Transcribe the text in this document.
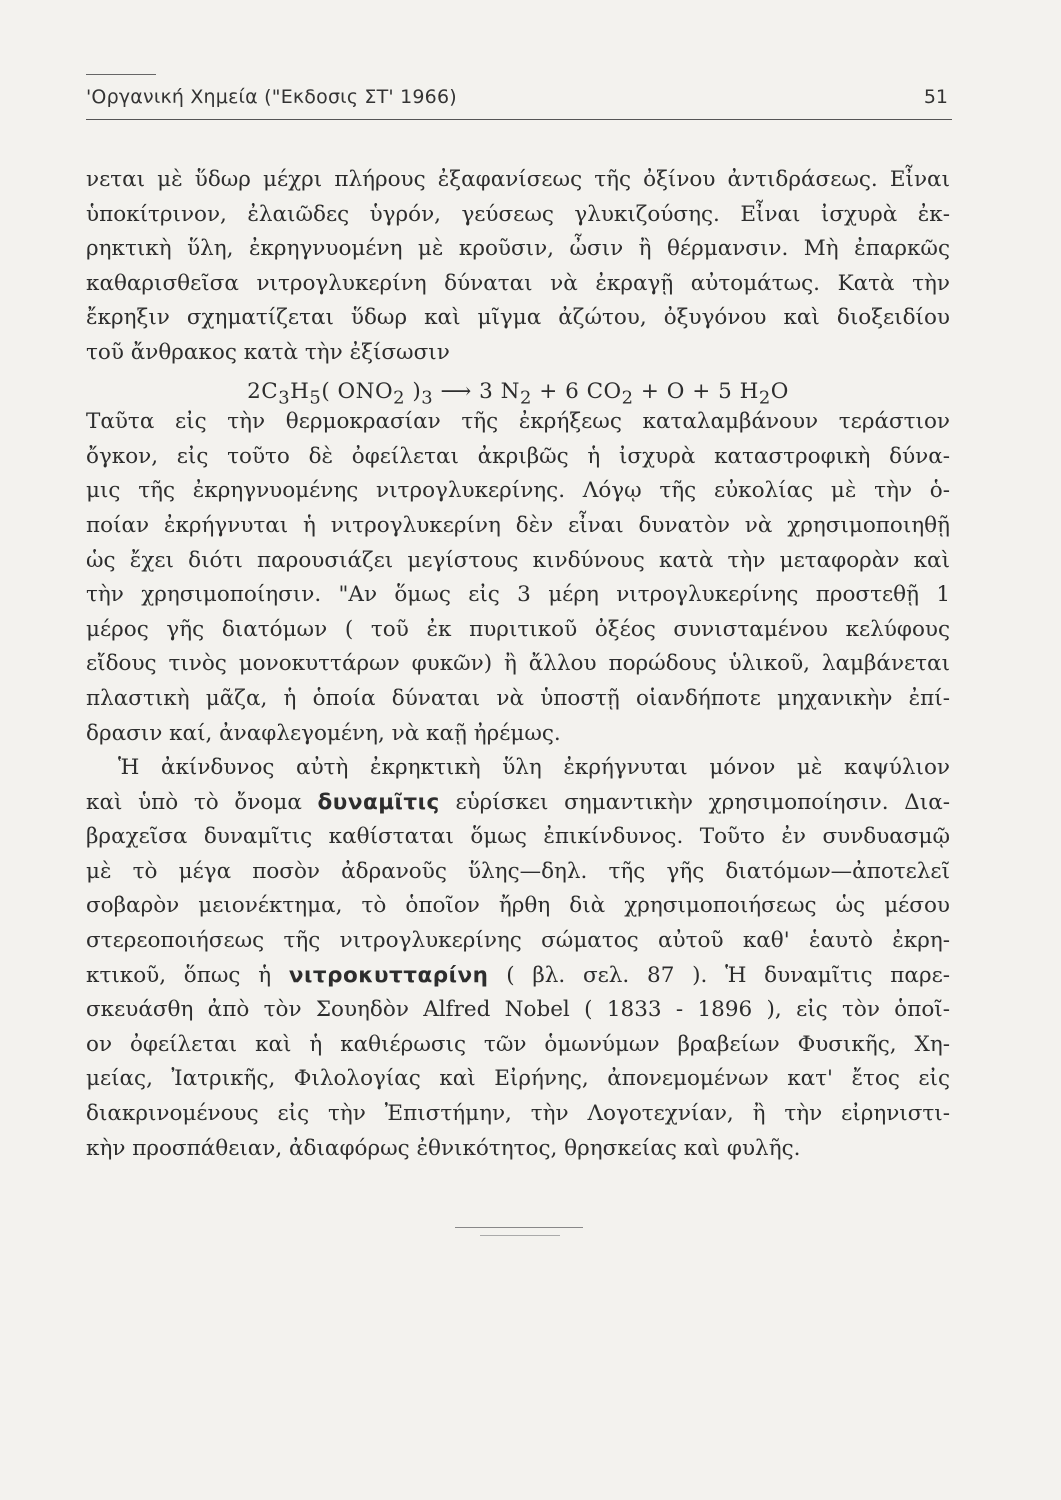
'Οργανική Χημεία ("Εκδοσις ΣΤ' 1966)	51
νεται μὲ ὕδωρ μέχρι πλήρους ἐξαφανίσεως τῆς ὀξίνου ἀντιδράσεως. Εἶναι
ὑποκίτρινον, ἐλαιῶδες ὑγρόν, γεύσεως γλυκιζούσης. Εἶναι ἰσχυρὰ ἐκ-
ρηκτικὴ ὕλη, ἐκρηγνυομένη μὲ κροῦσιν, ὦσιν ἢ θέρμανσιν. Μὴ ἐπαρκῶς
καθαρισθεῖσα νιτρογλυκερίνη δύναται νὰ ἐκραγῇ αὐτομάτως. Κατὰ τὴν
ἔκρηξιν σχηματίζεται ὕδωρ καὶ μῖγμα ἀζώτου, ὀξυγόνου καὶ διοξειδίου
τοῦ ἄνθρακος κατὰ τὴν ἐξίσωσιν
$2C_3H_5$( $ONO_2$ )$_3$ ⟶ 3 $N_2 + 6$ $CO_2 + O + 5$ $H_2O$
Ταῦτα εἰς τὴν θερμοκρασίαν τῆς ἐκρήξεως καταλαμβάνουν τεράστιον
ὄγκον, εἰς τοῦτο δὲ ὀφείλεται ἀκριβῶς ἡ ἰσχυρὰ καταστροφικὴ δύνα-
μις τῆς ἐκρηγνυομένης νιτρογλυκερίνης. Λόγῳ τῆς εὐκολίας μὲ τὴν ὁ-
ποίαν ἐκρήγνυται ἡ νιτρογλυκερίνη δὲν εἶναι δυνατὸν νὰ χρησιμοποιηθῇ
ὡς ἔχει διότι παρουσιάζει μεγίστους κινδύνους κατὰ τὴν μεταφορὰν καὶ
τὴν χρησιμοποίησιν. "Αν ὅμως εἰς 3 μέρη νιτρογλυκερίνης προστεθῇ 1
μέρος γῆς διατόμων ( τοῦ ἐκ πυριτικοῦ ὀξέος συνισταμένου κελύφους
εἴδους τινὸς μονοκυττάρων φυκῶν) ἢ ἄλλου πορώδους ὑλικοῦ, λαμβάνεται
πλαστικὴ μᾶζα, ἡ ὁποία δύναται νὰ ὑποστῇ οἱανδήποτε μηχανικὴν ἐπί-
δρασιν καί, ἀναφλεγομένη, νὰ καῇ ἠρέμως.
Ἡ ἀκίνδυνος αὐτὴ ἐκρηκτικὴ ὕλη ἐκρήγνυται μόνον μὲ καψύλιον
καὶ ὑπὸ τὸ ὄνομα δυναμῖτις εὑρίσκει σημαντικὴν χρησιμοποίησιν. Δια-
βραχεῖσα δυναμῖτις καθίσταται ὅμως ἐπικίνδυνος. Τοῦτο ἐν συνδυασμῷ
μὲ τὸ μέγα ποσὸν ἀδρανοῦς ὕλης—δηλ. τῆς γῆς διατόμων—ἀποτελεῖ
σοβαρὸν μειονέκτημα, τὸ ὁποῖον ἤρθη διὰ χρησιμοποιήσεως ὡς μέσου
στερεοποιήσεως τῆς νιτρογλυκερίνης σώματος αὐτοῦ καθ' ἑαυτὸ ἐκρη-
κτικοῦ, ὅπως ἡ νιτροκυτταρίνη ( βλ. σελ. 87 ). Ἡ δυναμῖτις παρε-
σκευάσθη ἀπὸ τὸν Σουηδὸν Alfred Nobel ( 1833 - 1896 ), εἰς τὸν ὁποῖ-
ον ὀφείλεται καὶ ἡ καθιέρωσις τῶν ὁμωνύμων βραβείων Φυσικῆς, Χη-
μείας, Ἰατρικῆς, Φιλολογίας καὶ Εἰρήνης, ἀπονεμομένων κατ' ἔτος εἰς
διακρινομένους εἰς τὴν Ἐπιστήμην, τὴν Λογοτεχνίαν, ἢ τὴν εἰρηνιστι-
κὴν προσπάθειαν, ἀδιαφόρως ἐθνικότητος, θρησκείας καὶ φυλῆς.
